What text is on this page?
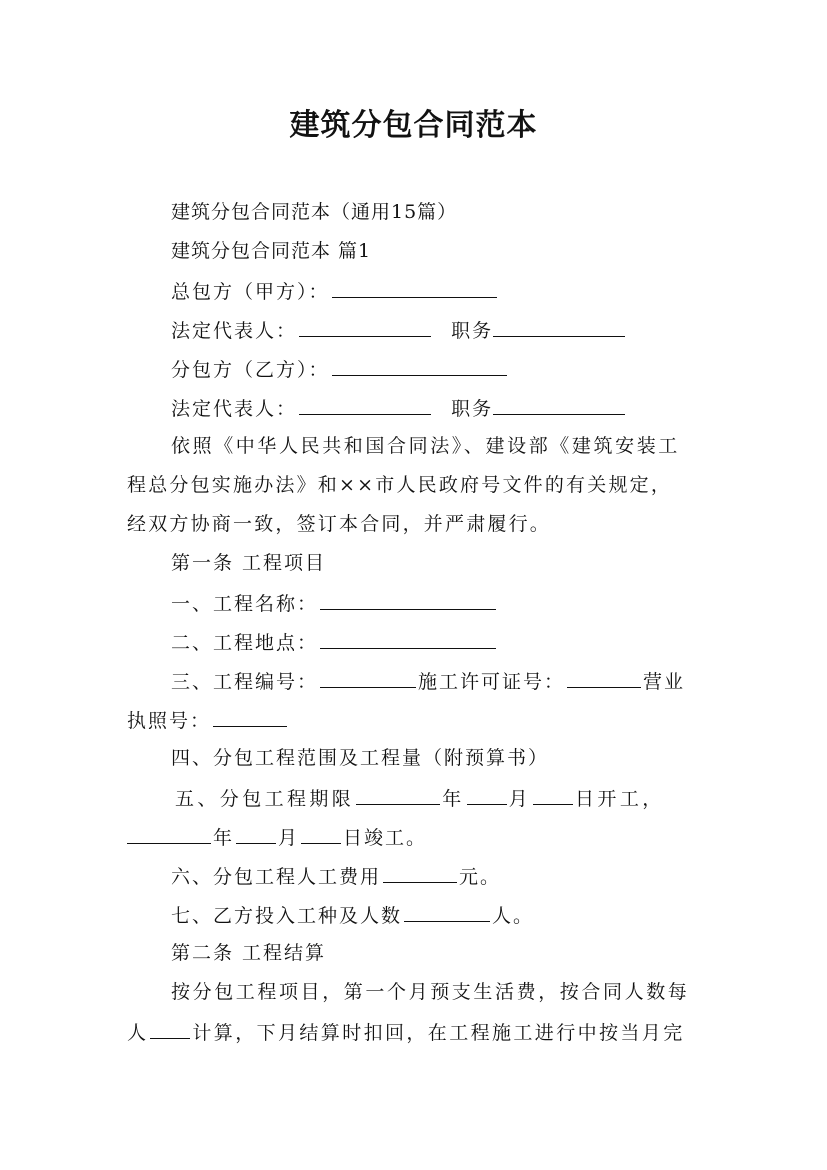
建筑分包合同范本
建筑分包合同范本（通用15篇）
建筑分包合同范本 篇1
总包方（甲方）：
法定代表人：	职务
分包方（乙方）：
法定代表人：	职务
依照《中华人民共和国合同法》、建设部《建筑安装工
程总分包实施办法》和××市人民政府号文件的有关规定，
经双方协商一致，签订本合同，并严肃履行。
第一条 工程项目
一、工程名称：
二、工程地点：
三、工程编号：	施工许可证号：	营业
执照号：
四、分包工程范围及工程量（附预算书）
五、分包工程期限	年 月 日开工，
年 月 日竣工。
六、分包工程人工费用	元。
七、乙方投入工种及人数	人。
第二条 工程结算
按分包工程项目，第一个月预支生活费，按合同人数每
人 计算，下月结算时扣回，在工程施工进行中按当月完
